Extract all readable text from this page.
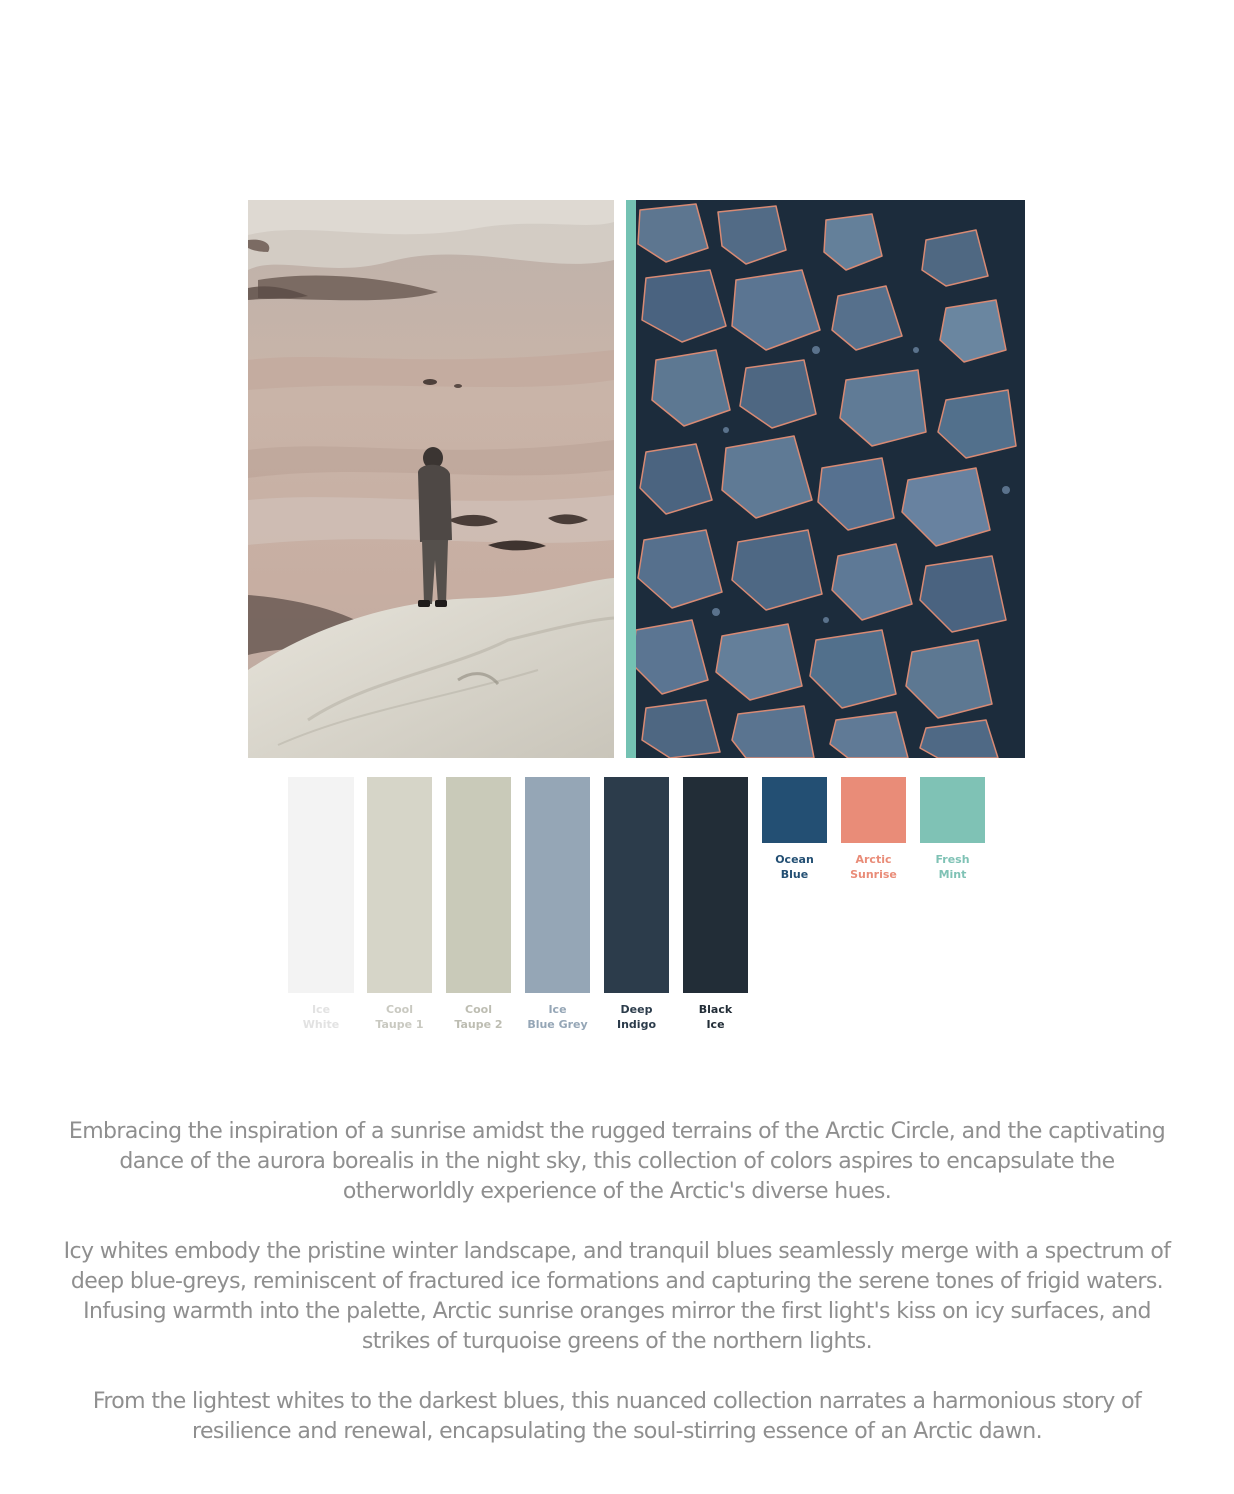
Ice
White
Cool
Taupe 1
Cool
Taupe 2
Ice
Blue Grey
Deep
Indigo
Black
Ice
Ocean
Blue
Arctic
Sunrise
Fresh
Mint

Embracing the inspiration of a sunrise amidst the rugged terrains of the Arctic Circle, and the captivating dance of the aurora borealis in the night sky, this collection of colors aspires to encapsulate the otherworldly experience of the Arctic's diverse hues.

Icy whites embody the pristine winter landscape, and tranquil blues seamlessly merge with a spectrum of deep blue-greys, reminiscent of fractured ice formations and capturing the serene tones of frigid waters. Infusing warmth into the palette, Arctic sunrise oranges mirror the first light's kiss on icy surfaces, and strikes of turquoise greens of the northern lights.

From the lightest whites to the darkest blues, this nuanced collection narrates a harmonious story of resilience and renewal, encapsulating the soul-stirring essence of an Arctic dawn.
